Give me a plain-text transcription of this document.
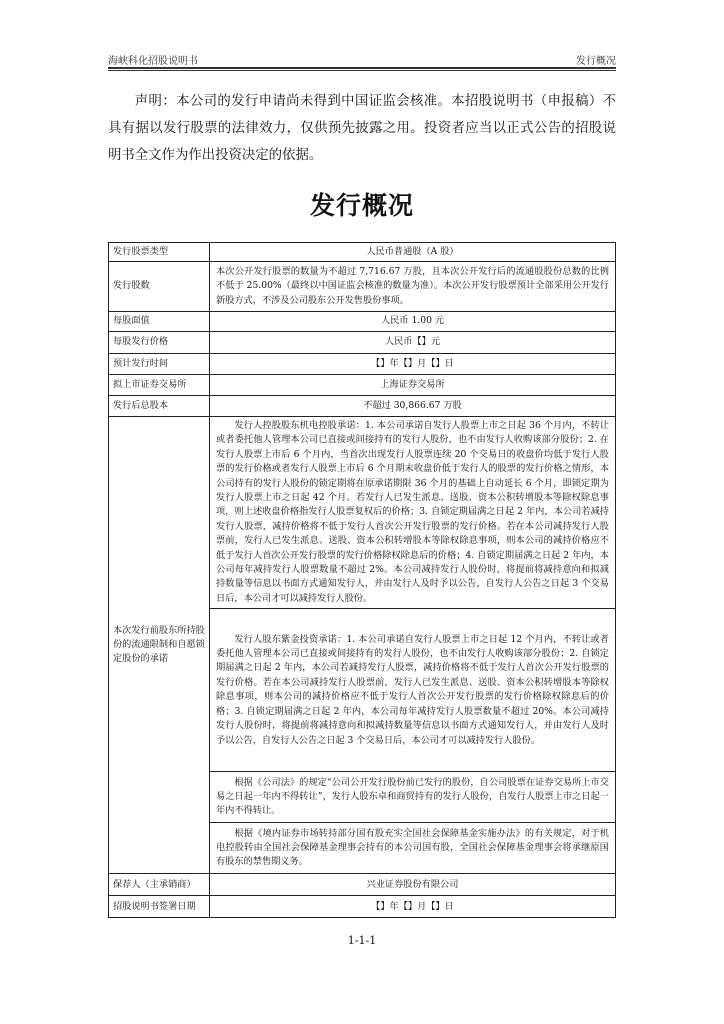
海峡科化招股说明书	发行概况

声明：本公司的发行申请尚未得到中国证监会核准。本招股说明书（申报稿）不具有据以发行股票的法律效力，仅供预先披露之用。投资者应当以正式公告的招股说明书全文作为作出投资决定的依据。

发行概况
发行股票类型	人民币普通股（A 股）
发行股数	本次公开发行股票的数量为不超过 7,716.67 万股，且本次公开发行后的流通股股份总数的比例不低于 25.00%（最终以中国证监会核准的数量为准）。本次公开发行股票预计全部采用公开发行新股方式，不涉及公司股东公开发售股份事项。
每股面值	人民币 1.00 元
每股发行价格	人民币【】元
预计发行时间	【】年【】月【】日
拟上市证券交易所	上海证券交易所
发行后总股本	不超过 30,866.67 万股
本次发行前股东所持股份的流通限制和自愿锁定股份的承诺	发行人控股股东机电控股承诺：1. 本公司承诺自发行人股票上市之日起 36 个月内，不转让或者委托他人管理本公司已直接或间接持有的发行人股份，也不由发行人收购该部分股份；2. 在发行人股票上市后 6 个月内，当首次出现发行人股票连续 20 个交易日的收盘价均低于发行人股票的发行价格或者发行人股票上市后 6 个月期末收盘价低于发行人的股票的发行价格之情形，本公司持有的发行人股份的锁定期将在原承诺期限 36 个月的基础上自动延长 6 个月，即锁定期为发行人股票上市之日起 42 个月。若发行人已发生派息、送股、资本公积转增股本等除权除息事项，则上述收盘价格指发行人股票复权后的价格；3. 自锁定期届满之日起 2 年内，本公司若减持发行人股票，减持价格将不低于发行人首次公开发行股票的发行价格。若在本公司减持发行人股票前，发行人已发生派息、送股、资本公积转增股本等除权除息事项，则本公司的减持价格应不低于发行人首次公开发行股票的发行价格除权除息后的价格；4. 自锁定期届满之日起 2 年内，本公司每年减持发行人股票数量不超过 2%。本公司减持发行人股份时，将提前将减持意向和拟减持数量等信息以书面方式通知发行人，并由发行人及时予以公告，自发行人公告之日起 3 个交易日后，本公司才可以减持发行人股份。

	发行人股东紫金投资承诺：1. 本公司承诺自发行人股票上市之日起 12 个月内，不转让或者委托他人管理本公司已直接或间接持有的发行人股份，也不由发行人收购该部分股份；2. 自锁定期届满之日起 2 年内，本公司若减持发行人股票，减持价格将不低于发行人首次公开发行股票的发行价格。若在本公司减持发行人股票前，发行人已发生派息、送股、资本公积转增股本等除权除息事项，则本公司的减持价格应不低于发行人首次公开发行股票的发行价格除权除息后的价格；3. 自锁定期届满之日起 2 年内，本公司每年减持发行人股票数量不超过 20%。本公司减持发行人股份时，将提前将减持意向和拟减持数量等信息以书面方式通知发行人，并由发行人及时予以公告，自发行人公告之日起 3 个交易日后，本公司才可以减持发行人股份。

	根据《公司法》的规定“公司公开发行股份前已发行的股份，自公司股票在证券交易所上市交易之日起一年内不得转让”，发行人股东卓和商贸持有的发行人股份，自发行人股票上市之日起一年内不得转让。

	根据《境内证券市场转持部分国有股充实全国社会保障基金实施办法》的有关规定，对于机电控股转由全国社会保障基金理事会持有的本公司国有股，全国社会保障基金理事会将承继原国有股东的禁售期义务。

保荐人（主承销商）	兴业证券股份有限公司
招股说明书签署日期	【】年【】月【】日
1-1-1
